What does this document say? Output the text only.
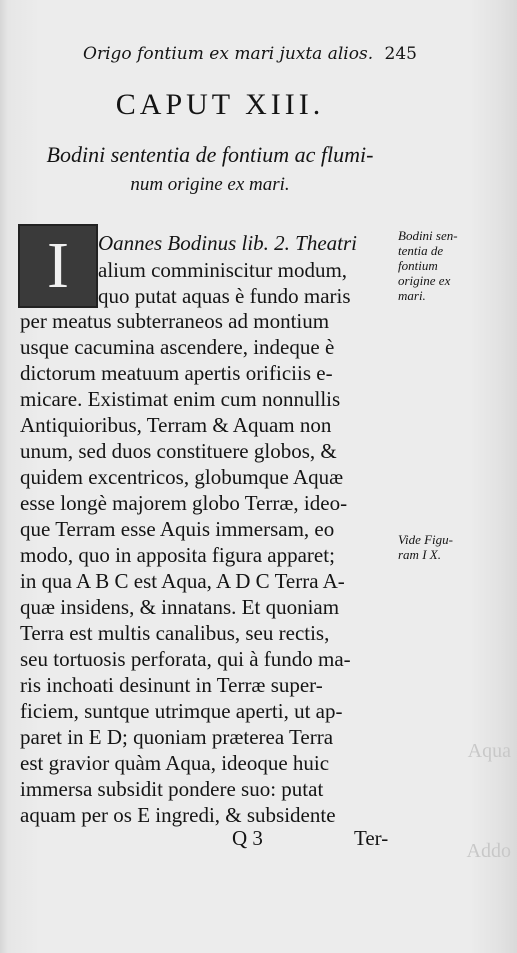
Aqua
Addo
Origo fontium ex mari juxta alios. 245
CAPUT XIII.
Bodini sententia de fontium ac flumi-
num origine ex mari.
I Oannes Bodinus lib. 2. Theatri
alium comminiscitur modum,
quo putat aquas è fundo maris
per meatus subterraneos ad montium
usque cacumina ascendere, indeque è
dictorum meatuum apertis orificiis e-
micare. Existimat enim cum nonnullis
Antiquioribus, Terram & Aquam non
unum, sed duos constituere globos, &
quidem excentricos, globumque Aquæ
esse longè majorem globo Terræ, ideo-
que Terram esse Aquis immersam, eo
modo, quo in apposita figura apparet;
in qua A B C est Aqua, A D C Terra A-
quæ insidens, & innatans. Et quoniam
Terra est multis canalibus, seu rectis,
seu tortuosis perforata, qui à fundo ma-
ris inchoati desinunt in Terræ super-
ficiem, suntque utrimque aperti, ut ap-
paret in E D; quoniam præterea Terra
est gravior quàm Aqua, ideoque huic
immersa subsidit pondere suo: putat
aquam per os E ingredi, & subsidente
Bodini sen-
tentia de
fontium
origine ex
mari.
Vide Figu-
ram I X.
Q 3	Ter-
